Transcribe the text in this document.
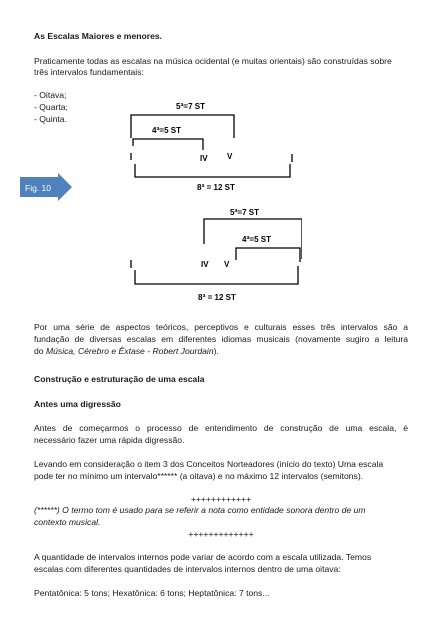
As Escalas Maiores e menores.
Praticamente todas as escalas na música ocidental (e muitas orientais) são construídas sobre
três intervalos fundamentais:
- Oitava;
- Quarta;
- Quinta.
Fig. 10
5ª=7 ST
4ª=5 ST
IV V
8ª = 12 ST
5ª=7 ST
4ª=5 ST
IV V
8ª = 12 ST
Por uma série de aspectos teóricos, perceptivos e culturais esses três intervalos são a
fundação de diversas escalas em diferentes idiomas musicais (novamente sugiro a leitura
do Música, Cérebro e Êxtase - Robert Jourdain).
Construção e estruturação de uma escala
Antes uma digressão
Antes de começarmos o processo de entendimento de construção de uma escala, é
necessário fazer uma rápida digressão.
Levando em consideração o item 3 dos Conceitos Norteadores (início do texto) Uma escala
pode ter no mínimo um intervalo****** (a oitava) e no máximo 12 intervalos (semitons).
++++++++++++
(******) O termo tom é usado para se referir a nota como entidade sonora dentro de um
contexto musical.
+++++++++++++
A quantidade de intervalos internos pode variar de acordo com a escala utilizada. Temos
escalas com diferentes quantidades de intervalos internos dentro de uma oitava:
Pentatônica: 5 tons; Hexatônica: 6 tons; Heptatônica: 7 tons...
